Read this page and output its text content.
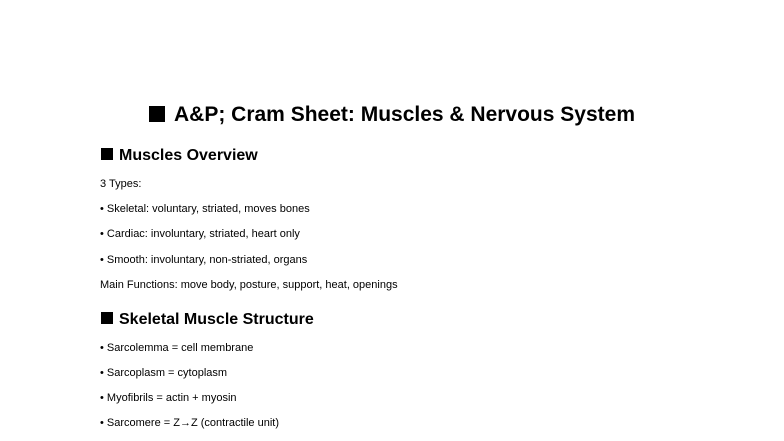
A&P; Cram Sheet: Muscles & Nervous System
Muscles Overview
3 Types:
• Skeletal: voluntary, striated, moves bones
• Cardiac: involuntary, striated, heart only
• Smooth: involuntary, non-striated, organs
Main Functions: move body, posture, support, heat, openings
Skeletal Muscle Structure
• Sarcolemma = cell membrane
• Sarcoplasm = cytoplasm
• Myofibrils = actin + myosin
• Sarcomere = Z→Z (contractile unit)
